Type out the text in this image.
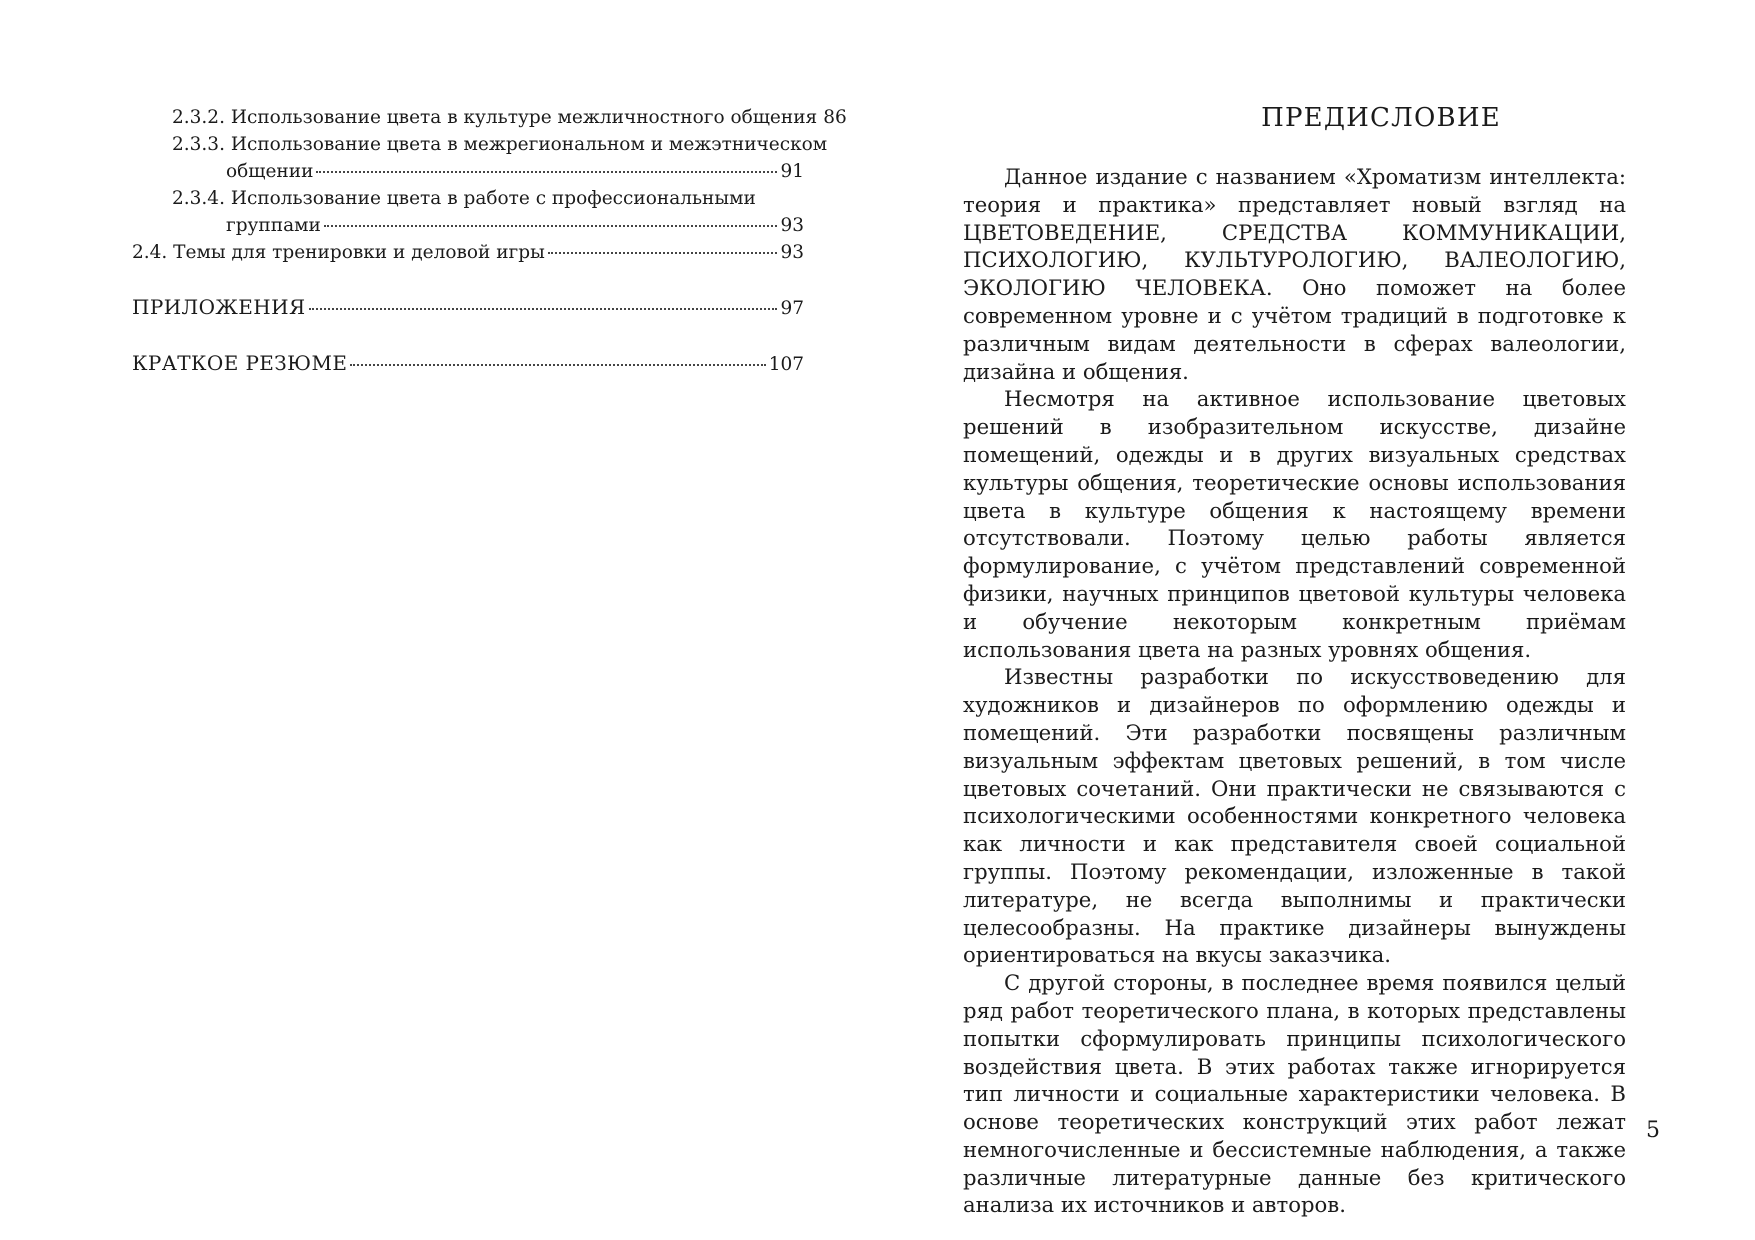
2.3.2. Использование цвета в культуре межличностного общения 86
2.3.3. Использование цвета в межрегиональном и межэтническом
общении	91
2.3.4. Использование цвета в работе с профессиональными
группами	93
2.4. Темы для тренировки и деловой игры	93
ПРИЛОЖЕНИЯ	97
КРАТКОЕ РЕЗЮМЕ	107
ПРЕДИСЛОВИЕ

Данное издание с названием «Хроматизм интеллекта: теория и практика» представляет новый взгляд на ЦВЕТОВЕДЕНИЕ, СРЕДСТВА КОММУНИКАЦИИ, ПСИХОЛОГИЮ, КУЛЬТУРОЛОГИЮ, ВАЛЕОЛОГИЮ, ЭКОЛОГИЮ ЧЕЛОВЕКА. Оно поможет на более современном уровне и с учётом традиций в подготовке к различным видам деятельности в сферах валеологии, дизайна и общения.

Несмотря на активное использование цветовых решений в изобразительном искусстве, дизайне помещений, одежды и в других визуальных средствах культуры общения, теоретические основы использования цвета в культуре общения к настоящему времени отсутствовали. Поэтому целью работы является формулирование, с учётом представлений современной физики, научных принципов цветовой культуры человека и обучение некоторым конкретным приёмам использования цвета на разных уровнях общения.

Известны разработки по искусствоведению для художников и дизайнеров по оформлению одежды и помещений. Эти разработки посвящены различным визуальным эффектам цветовых решений, в том числе цветовых сочетаний. Они практически не связываются с психологическими особенностями конкретного человека как личности и как представителя своей социальной группы. Поэтому рекомендации, изложенные в такой литературе, не всегда выполнимы и практически целесообразны. На практике дизайнеры вынуждены ориентироваться на вкусы заказчика.

С другой стороны, в последнее время появился целый ряд работ теоретического плана, в которых представлены попытки сформулировать принципы психологического воздействия цвета. В этих работах также игнорируется тип личности и социальные характеристики человека. В основе теоретических конструкций этих работ лежат немногочисленные и бессистемные наблюдения, а также различные литературные данные без критического анализа их источников и авторов.

5
